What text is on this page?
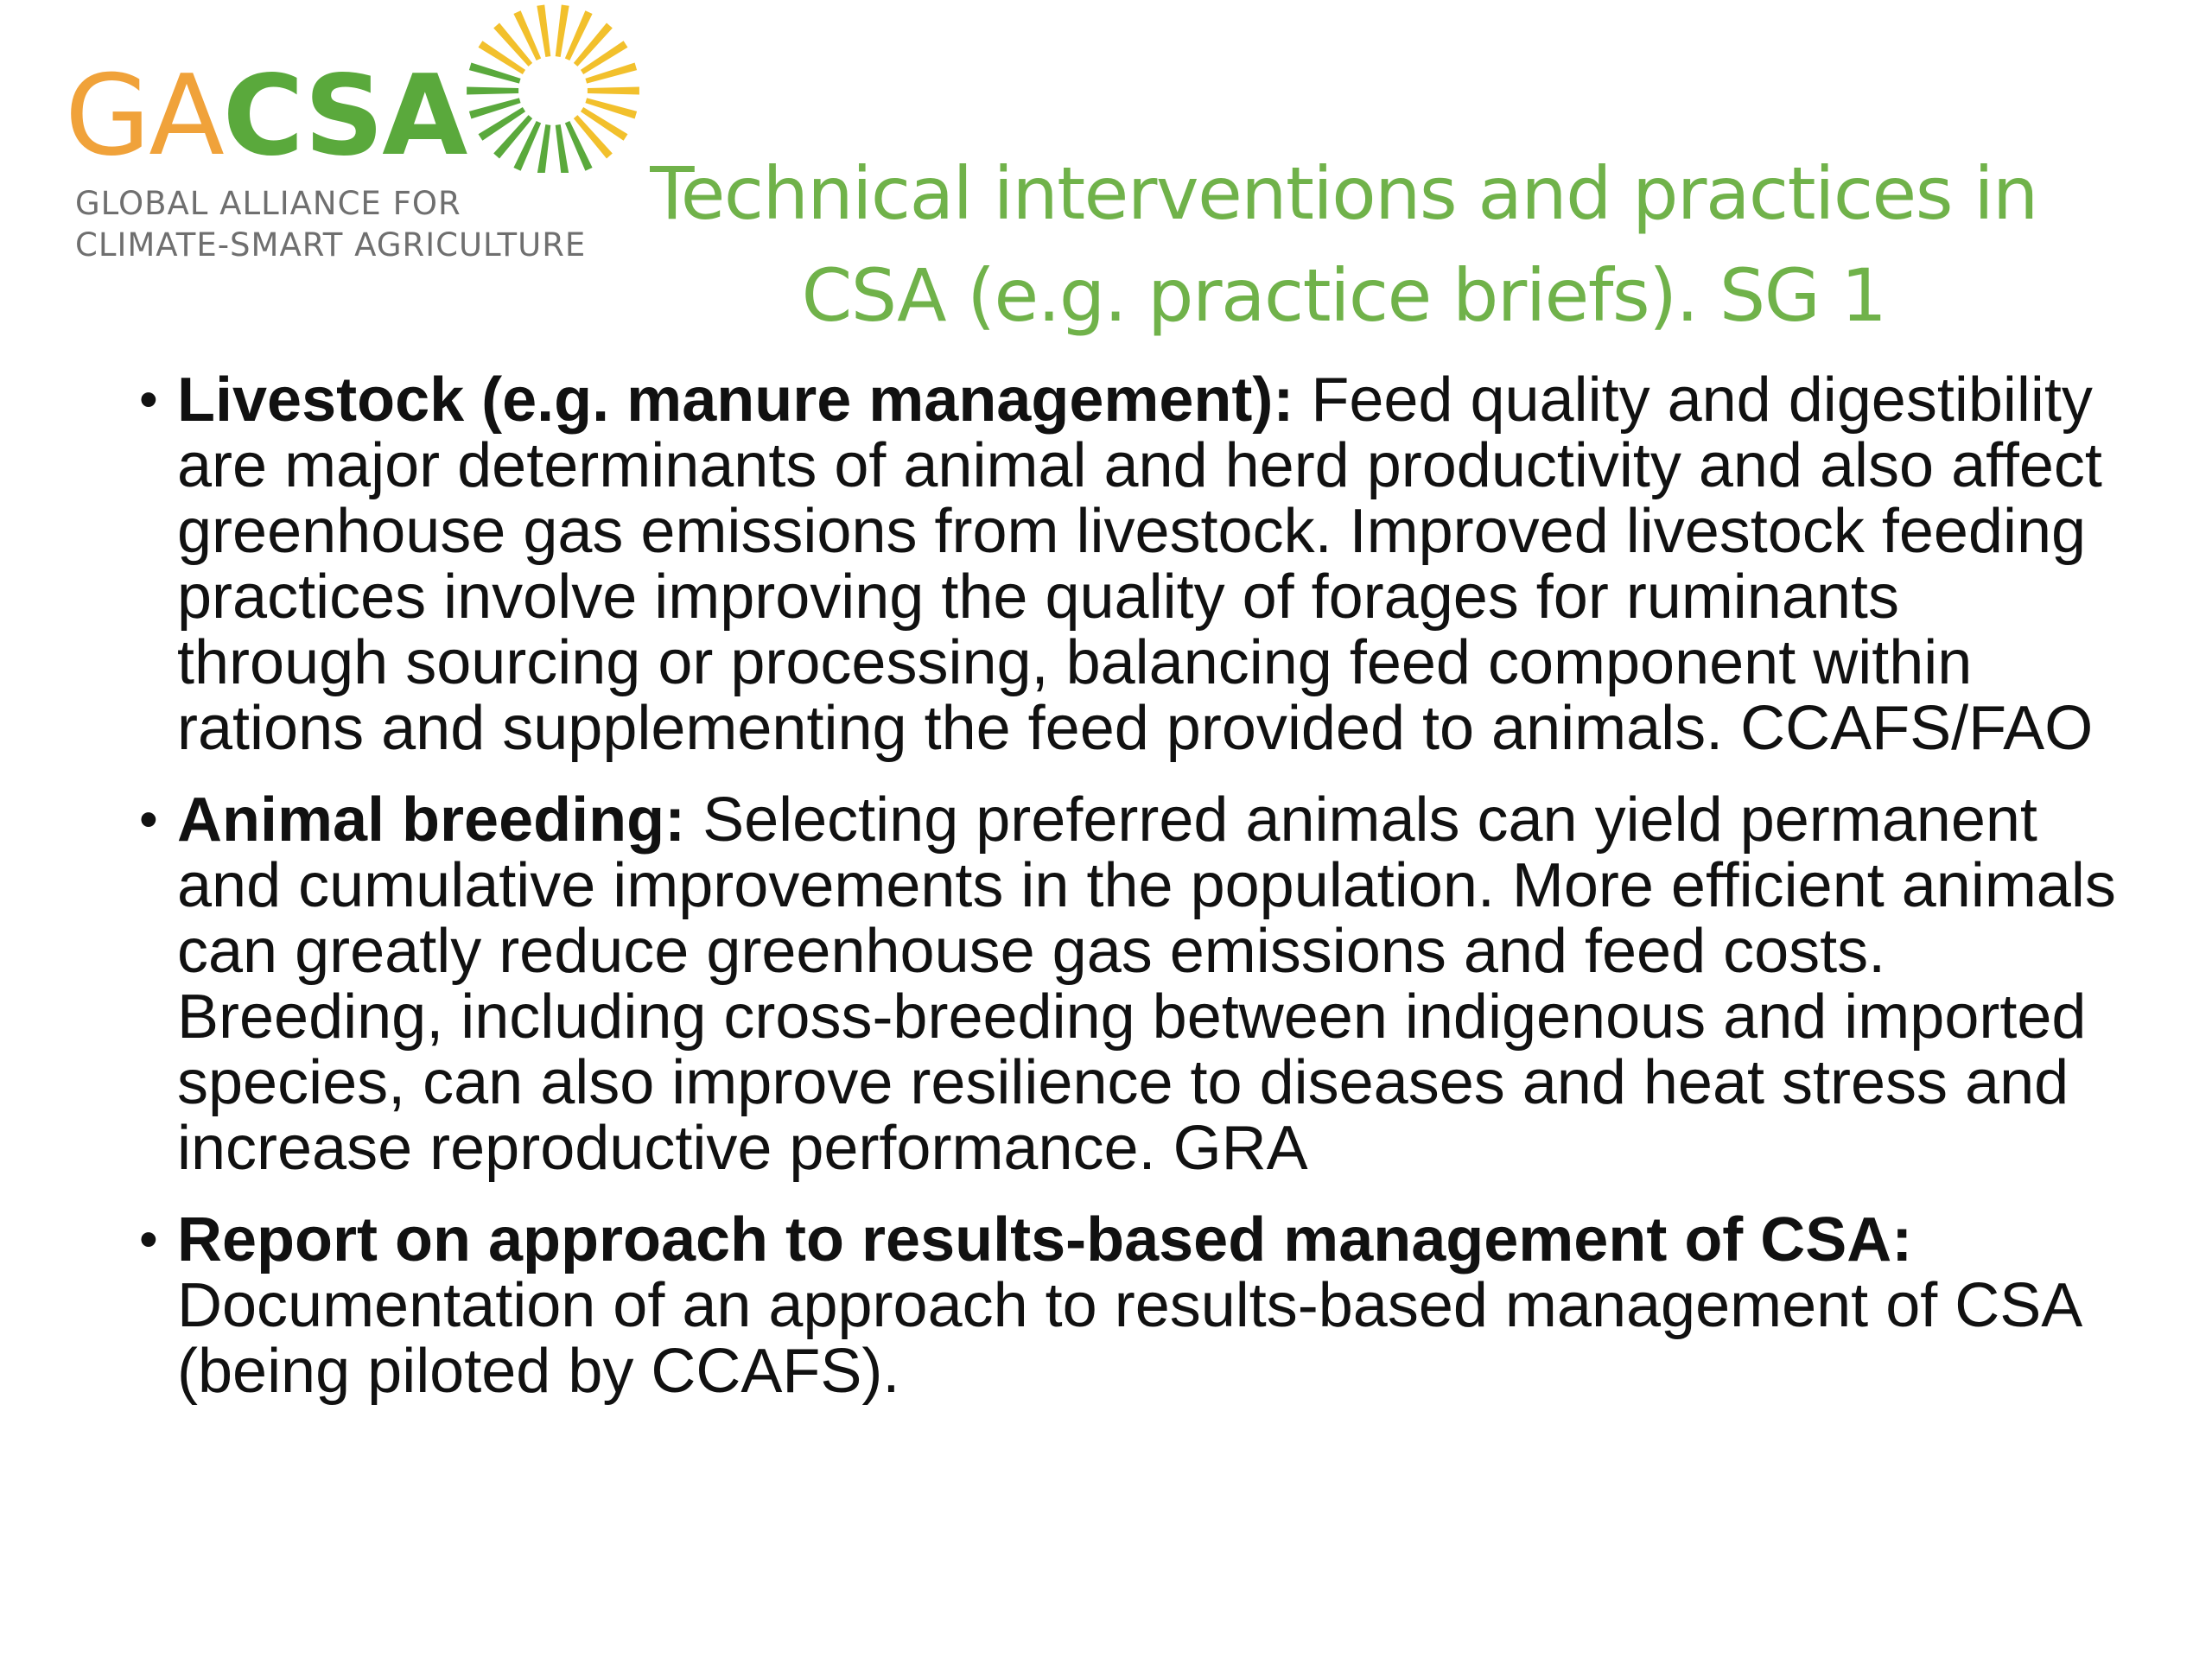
GACSA
GLOBAL ALLIANCE FOR
CLIMATE-SMART AGRICULTURE
Technical interventions and practices in
CSA (e.g. practice briefs). SG 1
• Livestock (e.g. manure management): Feed quality and digestibility are major determinants of animal and herd productivity and also affect greenhouse gas emissions from livestock. Improved livestock feeding practices involve improving the quality of forages for ruminants through sourcing or processing, balancing feed component within rations and supplementing the feed provided to animals. CCAFS/FAO
• Animal breeding: Selecting preferred animals can yield permanent and cumulative improvements in the population. More efficient animals can greatly reduce greenhouse gas emissions and feed costs. Breeding, including cross-breeding between indigenous and imported species, can also improve resilience to diseases and heat stress and increase reproductive performance. GRA
• Report on approach to results-based management of CSA: Documentation of an approach to results-based management of CSA (being piloted by CCAFS).
